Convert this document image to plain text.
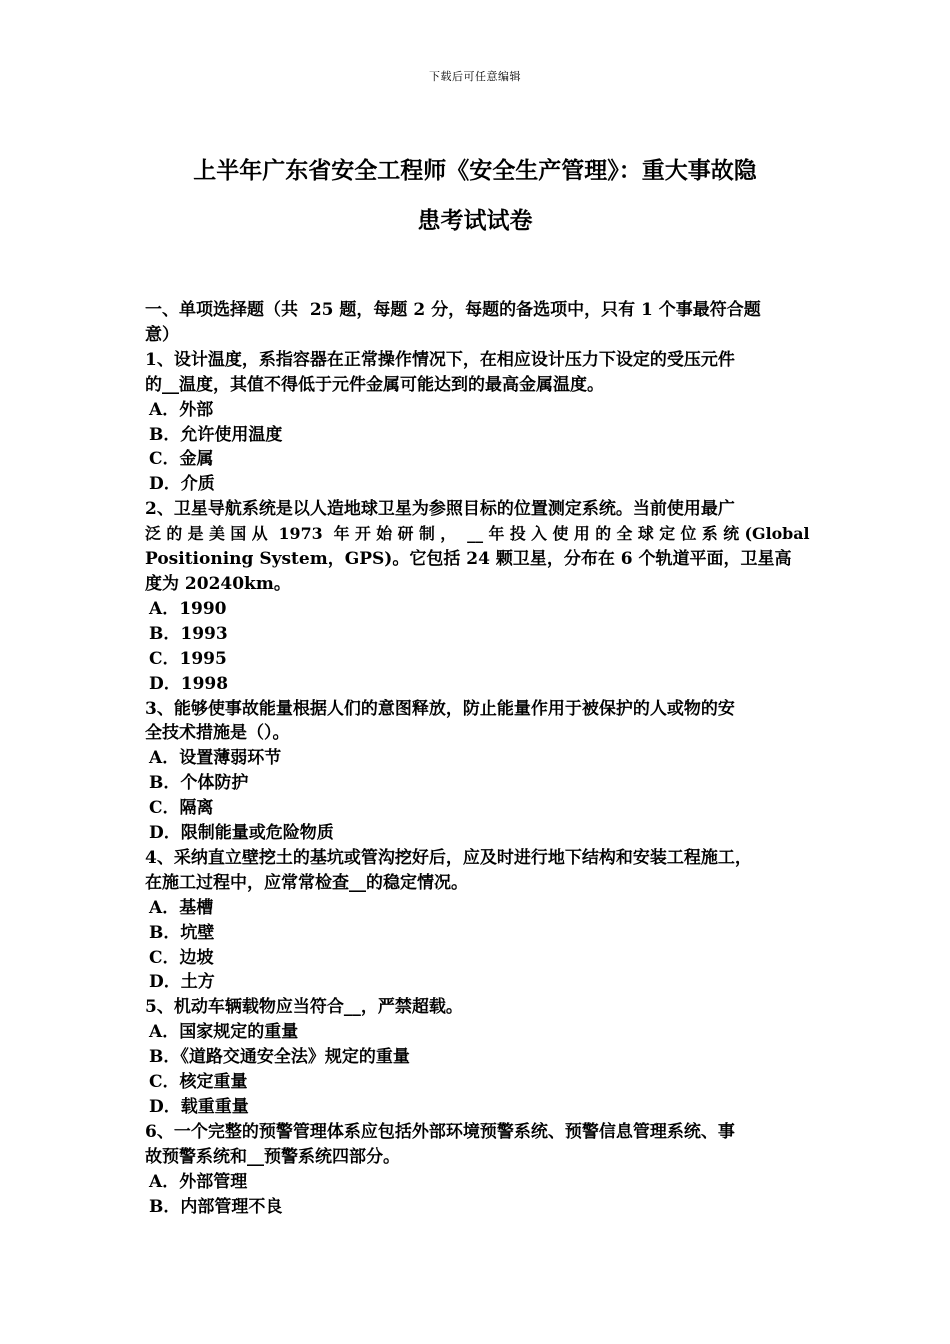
下载后可任意编辑
上半年广东省安全工程师《安全生产管理》：重大事故隐
患考试试卷
一、单项选择题（共  25 题，每题 2 分，每题的备选项中，只有 1 个事最符合题
意）
1、设计温度，系指容器在正常操作情况下，在相应设计压力下设定的受压元件
的__温度，其值不得低于元件金属可能达到的最高金属温度。
A．外部
B．允许使用温度
C．金属
D．介质
2、卫星导航系统是以人造地球卫星为参照目标的位置测定系统。当前使用最广
泛 的 是 美 国 从  1973  年 开 始 研 制 ，  __ 年 投 入 使 用 的 全 球 定 位 系 统 (Global
Positioning System，GPS)。它包括 24 颗卫星，分布在 6 个轨道平面，卫星高
度为 20240km。
A．1990
B．1993
C．1995
D．1998
3、能够使事故能量根据人们的意图释放，防止能量作用于被保护的人或物的安
全技术措施是（）。
A．设置薄弱环节
B．个体防护
C．隔离
D．限制能量或危险物质
4、采纳直立壁挖土的基坑或管沟挖好后，应及时进行地下结构和安装工程施工，
在施工过程中，应常常检查__的稳定情况。
A．基槽
B．坑壁
C．边坡
D．土方
5、机动车辆载物应当符合__，严禁超载。
A．国家规定的重量
B．《道路交通安全法》规定的重量
C．核定重量
D．载重重量
6、一个完整的预警管理体系应包括外部环境预警系统、预警信息管理系统、事
故预警系统和__预警系统四部分。
A．外部管理
B．内部管理不良
